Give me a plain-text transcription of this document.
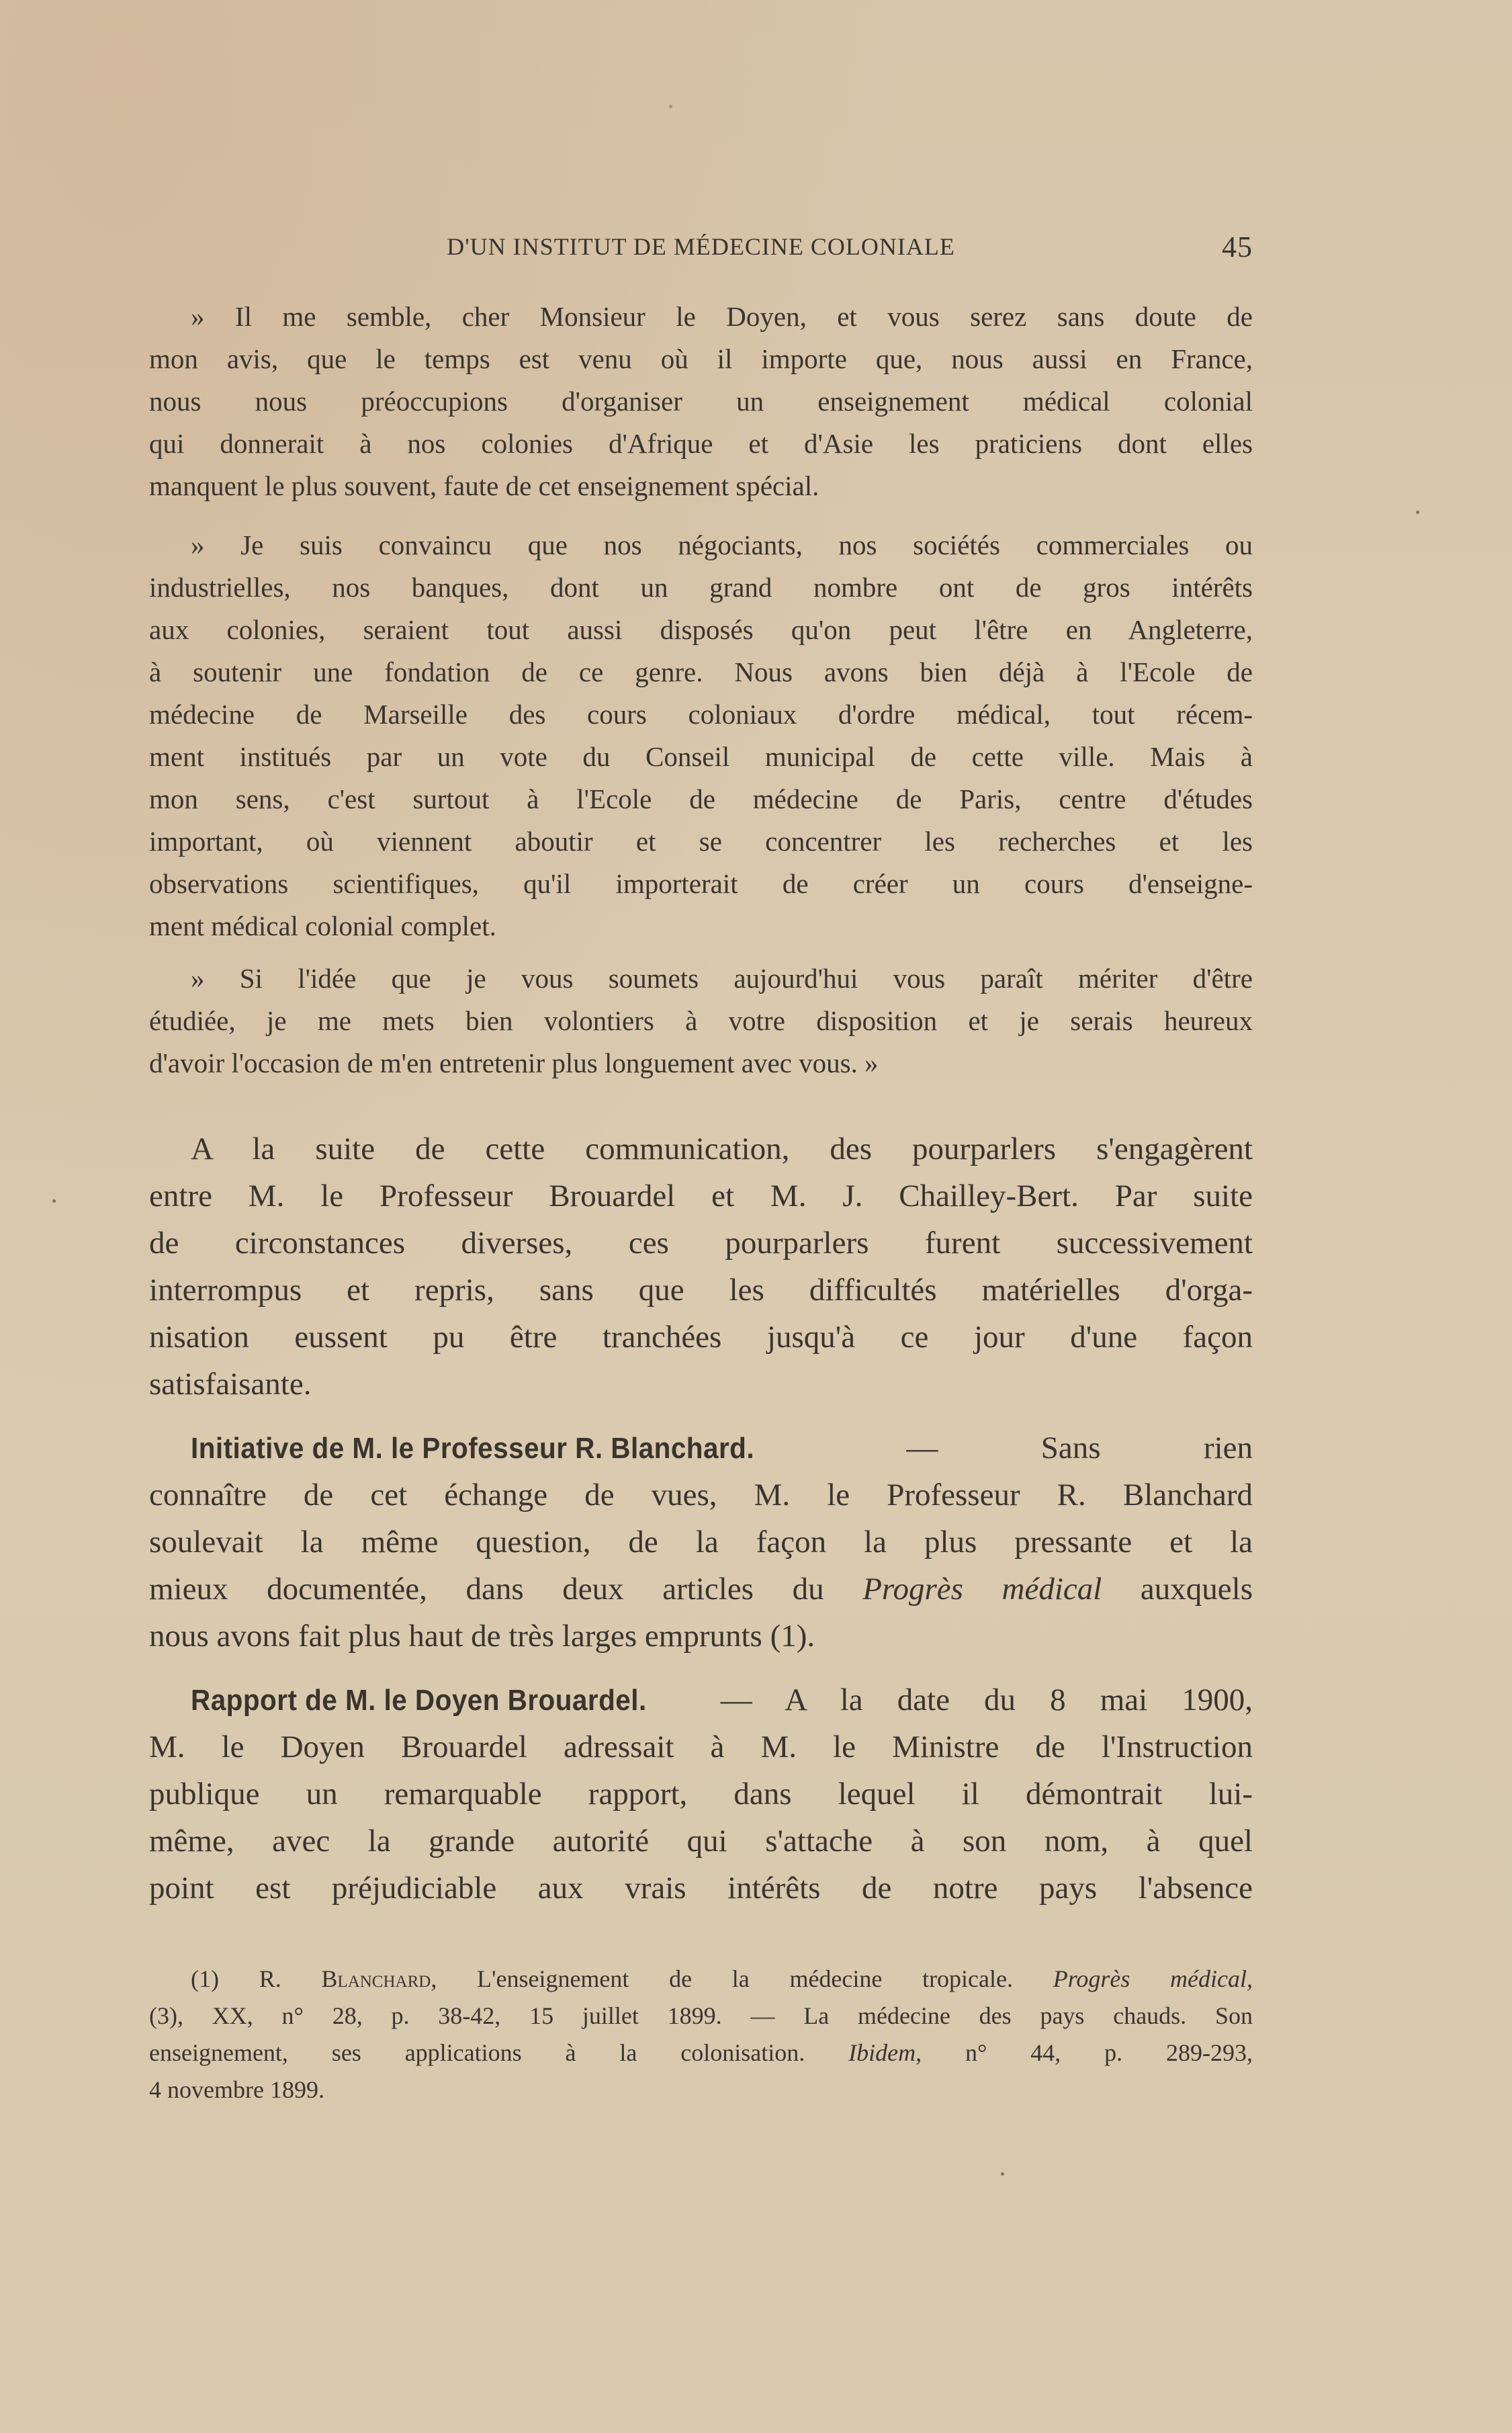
D'UN INSTITUT DE MÉDECINE COLONIALE	45
» Il me semble, cher Monsieur le Doyen, et vous serez sans doute de
mon avis, que le temps est venu où il importe que, nous aussi en France,
nous nous préoccupions d'organiser un enseignement médical colonial
qui donnerait à nos colonies d'Afrique et d'Asie les praticiens dont elles
manquent le plus souvent, faute de cet enseignement spécial.
» Je suis convaincu que nos négociants, nos sociétés commerciales ou
industrielles, nos banques, dont un grand nombre ont de gros intérêts
aux colonies, seraient tout aussi disposés qu'on peut l'être en Angleterre,
à soutenir une fondation de ce genre. Nous avons bien déjà à l'Ecole de
médecine de Marseille des cours coloniaux d'ordre médical, tout récem-
ment institués par un vote du Conseil municipal de cette ville. Mais à
mon sens, c'est surtout à l'Ecole de médecine de Paris, centre d'études
important, où viennent aboutir et se concentrer les recherches et les
observations scientifiques, qu'il importerait de créer un cours d'enseigne-
ment médical colonial complet.
» Si l'idée que je vous soumets aujourd'hui vous paraît mériter d'être
étudiée, je me mets bien volontiers à votre disposition et je serais heureux
d'avoir l'occasion de m'en entretenir plus longuement avec vous. »
A la suite de cette communication, des pourparlers s'engagèrent
entre M. le Professeur Brouardel et M. J. Chailley-Bert. Par suite
de circonstances diverses, ces pourparlers furent successivement
interrompus et repris, sans que les difficultés matérielles d'orga-
nisation eussent pu être tranchées jusqu'à ce jour d'une façon
satisfaisante.
Initiative de M. le Professeur R. Blanchard. — Sans rien
connaître de cet échange de vues, M. le Professeur R. Blanchard
soulevait la même question, de la façon la plus pressante et la
mieux documentée, dans deux articles du Progrès médical auxquels
nous avons fait plus haut de très larges emprunts (1).
Rapport de M. le Doyen Brouardel. — A la date du 8 mai 1900,
M. le Doyen Brouardel adressait à M. le Ministre de l'Instruction
publique un remarquable rapport, dans lequel il démontrait lui-
même, avec la grande autorité qui s'attache à son nom, à quel
point est préjudiciable aux vrais intérêts de notre pays l'absence
(1) R. Blanchard, L'enseignement de la médecine tropicale. Progrès médical,
(3), XX, n° 28, p. 38-42, 15 juillet 1899. — La médecine des pays chauds. Son
enseignement, ses applications à la colonisation. Ibidem, n° 44, p. 289-293,
4 novembre 1899.
